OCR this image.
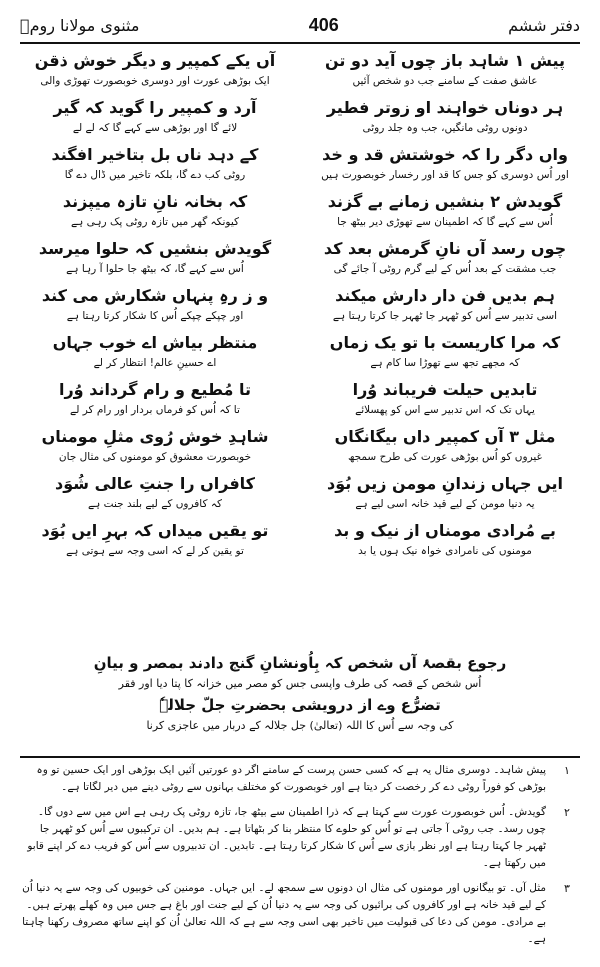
مثنوی مولانا رومؒ	406	دفتر ششم
پیش ۱ شاہد باز چوں آید دو تن
آں یکے کمپیر و دیگر خوش ذقن
عاشق صفت کے سامنے جب دو شخص آئیں
ایک بوڑھی عورت اور دوسری خوبصورت تھوڑی والی
ہر دوناں خواہند او زوتر فطیر
آرد و کمپیر را گوید کہ گیر
دونوں روٹی مانگیں، جب وہ جلد روٹی
لائے گا اور بوڑھی سے کہے گا کہ لے لے
واں دگر را کہ خوشتش قد و خد
کے دہد ناں بل بتاخیر افگند
اور اُس دوسری کو جس کا قد اور رخسار خوبصورت ہیں
روٹی کب دے گا، بلکہ تاخیر میں ڈال دے گا
گویدش ۲ بنشیں زمانے بے گزند
کہ بخانہ نانِ تازہ میپزند
اُس سے کہے گا کہ اطمینان سے تھوڑی دیر بیٹھ جا
کیونکہ گھر میں تازہ روٹی پک رہی ہے
چوں رسد آں نانِ گرمش بعد کد
گویدش بنشیں کہ حلوا میرسد
جب مشقت کے بعد اُس کے لیے گرم روٹی آ جائے گی
اُس سے کہے گا، کہ بیٹھ جا حلوا آ رہا ہے
ہم بدیں فن دار دارش میکند
و ز رہِ پنہاں شکارش می کند
اسی تدبیر سے اُس کو ٹھہر جا ٹھہر جا کرتا رہتا ہے
اور چپکے چپکے اُس کا شکار کرتا رہتا ہے
کہ مرا کاریست با تو یک زماں
منتظر بیاش اے خوب جہاں
کہ مجھے تجھ سے تھوڑا سا کام ہے
اے حسینِ عالم! انتظار کر لے
تابدیں حیلت فریباند وُرا
تا مُطیع و رام گرداند وُرا
یہاں تک کہ اس تدبیر سے اس کو پھسلائے
تا کہ اُس کو فرماں بردار اور رام کر لے
مثل ۳ آں کمپیر داں بیگانگاں
شاہدِ خوش رُوی مثلِ مومناں
غیروں کو اُس بوڑھی عورت کی طرح سمجھ
خوبصورت معشوق کو مومنوں کی مثال جان
ایں جہاں زندانِ مومن زیں بُوَد
کافراں را جنتِ عالی شُوَد
یہ دنیا مومن کے لیے قید خانہ اسی لیے ہے
کہ کافروں کے لیے بلند جنت ہے
بے مُرادی مومناں از نیک و بد
تو یقیں میداں کہ بہرِ ایں بُوَد
مومنوں کی نامرادی خواہ نیک ہوں یا بد
تو یقین کر لے کہ اسی وجہ سے ہوتی ہے
رجوع بقصۂ آں شخص کہ بِاُونشانِ گنج دادند بمصر و بیانِ
اُس شخص کے قصہ کی طرف واپسی جس کو مصر میں خزانہ کا پتا دیا اور فقر
تضرُّع وے از درویشی بحضرتِ جلّ جلالہٗ
کی وجہ سے اُس کا اللہ (تعالیٰ) جل جلالہ کے دربار میں عاجزی کرنا
۱
پیش شاہد۔ دوسری مثال یہ ہے کہ کسی حسن پرست کے سامنے اگر دو عورتیں آئیں ایک بوڑھی اور ایک حسین تو وہ بوڑھی کو فوراً روٹی دے کر رخصت کر دیتا ہے اور خوبصورت کو مختلف بہانوں سے روٹی دینے میں دیر لگاتا ہے۔
۲
گویدش۔ اُس خوبصورت عورت سے کہتا ہے کہ ذرا اطمینان سے بیٹھ جا، تازہ روٹی پک رہی ہے اس میں سے دوں گا۔ چوں رسد۔ جب روٹی آ جاتی ہے تو اُس کو حلوے کا منتظر بنا کر بٹھاتا ہے۔ ہم بدیں۔ ان ترکیبوں سے اُس کو ٹھہر جا ٹھہر جا کہتا رہتا ہے اور نظر بازی سے اُس کا شکار کرتا رہتا ہے۔ تابدیں۔ ان تدبیروں سے اُس کو فریب دے کر اپنے قابو میں رکھتا ہے۔
۳
مثل آں۔ تو بیگانوں اور مومنوں کی مثال ان دونوں سے سمجھ لے۔ ایں جہاں۔ مومنین کی خوبیوں کی وجہ سے یہ دنیا اُن کے لیے قید خانہ ہے اور کافروں کی برائیوں کی وجہ سے یہ دنیا اُن کے لیے جنت اور باغ ہے جس میں وہ کھلے پھرتے ہیں۔ بے مرادی۔ مومن کی دعا کی قبولیت میں تاخیر بھی اسی وجہ سے ہے کہ اللہ تعالیٰ اُن کو اپنے ساتھ مصروف رکھنا چاہتا ہے۔
